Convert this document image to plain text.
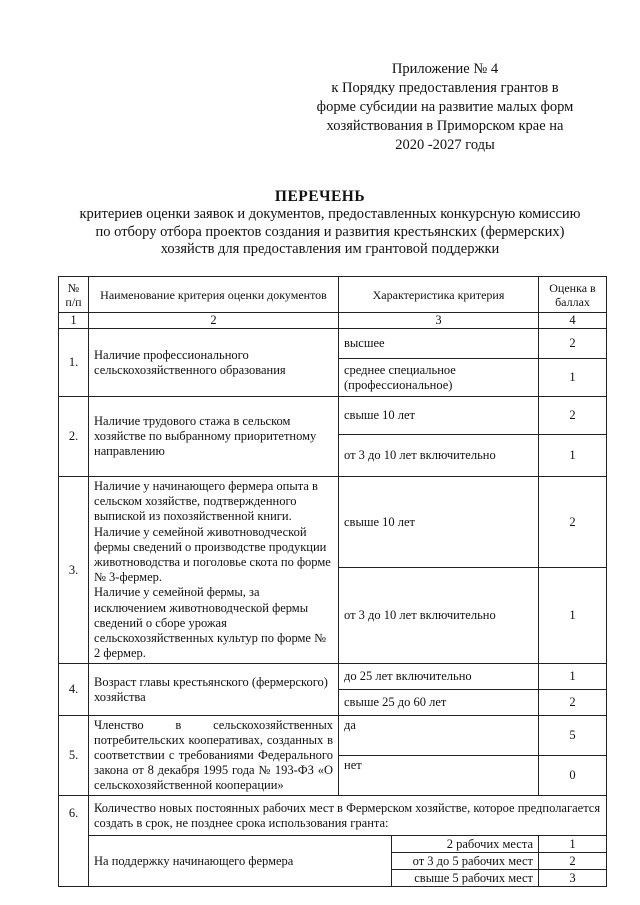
Приложение № 4
к Порядку предоставления грантов в
форме субсидии на развитие малых форм
хозяйствования в Приморском крае на
2020 -2027 годы
ПЕРЕЧЕНЬ
критериев оценки заявок и документов, предоставленных конкурсную комиссию
по отбору отбора проектов создания и развития крестьянских (фермерских)
хозяйств для предоставления им грантовой поддержки
№ п/п	Наименование критерия оценки документов	Характеристика критерия		Оценка в баллах
1	2	3		4
1.	Наличие профессионального сельскохозяйственного образования	высшее		2
		среднее специальное (профессиональное)		1
2.	Наличие трудового стажа в сельском хозяйстве по выбранному приоритетному направлению	свыше 10 лет		2
		от 3 до 10 лет включительно		1
3.	Наличие у начинающего фермера опыта в сельском хозяйстве, подтвержденного выпиской из похозяйственной книги.
Наличие у семейной животноводческой фермы сведений о производстве продукции животноводства и поголовье скота по форме № 3-фермер.
Наличие у семейной фермы, за исключением животноводческой фермы сведений о сборе урожая сельскохозяйственных культур по форме № 2 фермер.	свыше 10 лет		2
		от 3 до 10 лет включительно		1
4.	Возраст главы крестьянского (фермерского) хозяйства	до 25 лет включительно		1
		свыше 25 до 60 лет		2
5.	Членство в сельскохозяйственных потребительских кооперативах, созданных в соответствии с требованиями Федерального закона от 8 декабря 1995 года № 193-ФЗ «О сельскохозяйственной кооперации»	да		5
		нет		0
6.	Количество новых постоянных рабочих мест в Фермерском хозяйстве, которое предполагается создать в срок, не позднее срока использования гранта:			
	На поддержку начинающего фермера		2 рабочих места	1
			от 3 до 5 рабочих мест	2
			свыше 5 рабочих мест	3
